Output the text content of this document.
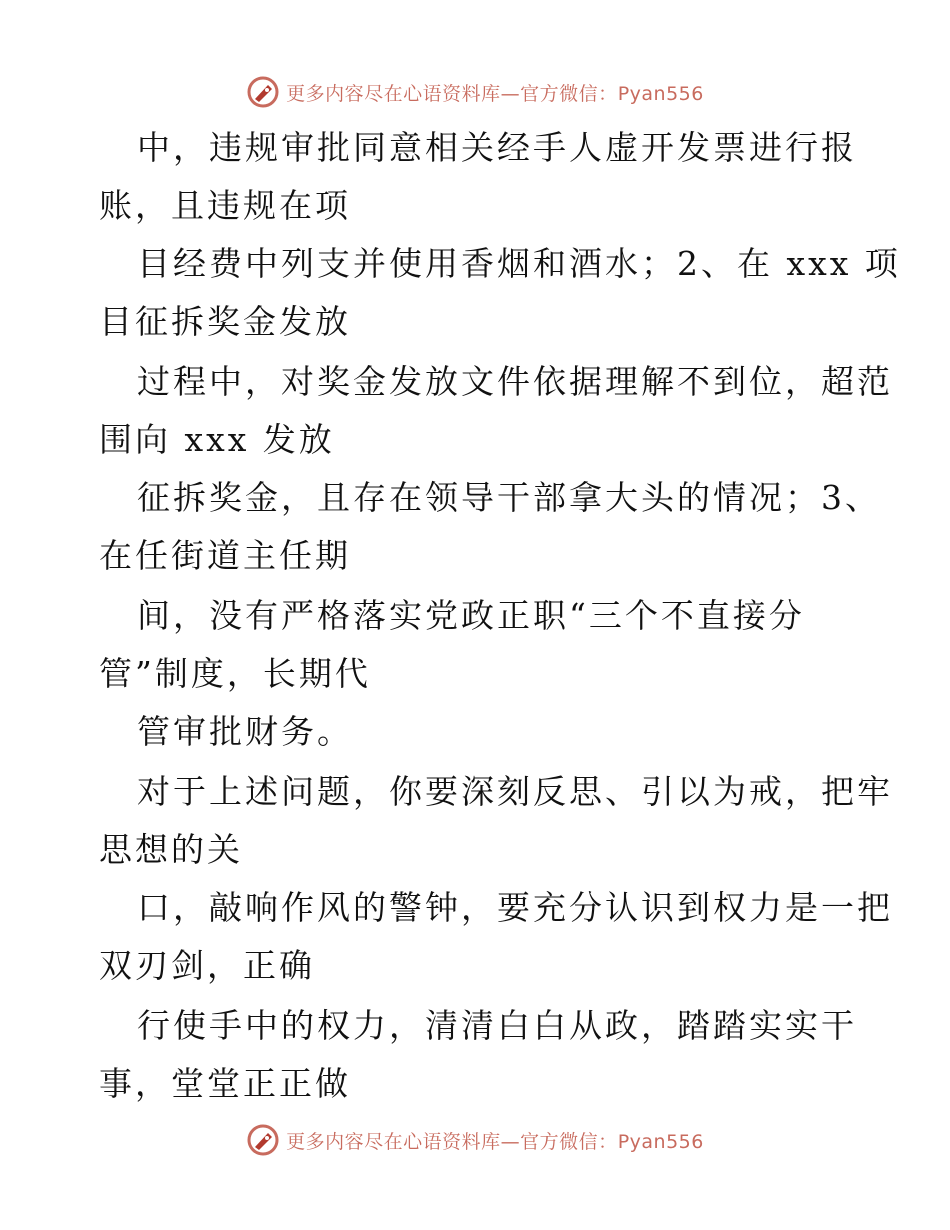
更多内容尽在心语资料库—官方微信：Pyan556
中，违规审批同意相关经手人虚开发票进行报
账，且违规在项
目经费中列支并使用香烟和酒水；2、在 xxx 项
目征拆奖金发放
过程中，对奖金发放文件依据理解不到位，超范
围向 xxx 发放
征拆奖金，且存在领导干部拿大头的情况；3、
在任街道主任期
间，没有严格落实党政正职“三个不直接分
管”制度，长期代
管审批财务。
对于上述问题，你要深刻反思、引以为戒，把牢
思想的关
口，敲响作风的警钟，要充分认识到权力是一把
双刃剑，正确
行使手中的权力，清清白白从政，踏踏实实干
事，堂堂正正做
更多内容尽在心语资料库—官方微信：Pyan556
